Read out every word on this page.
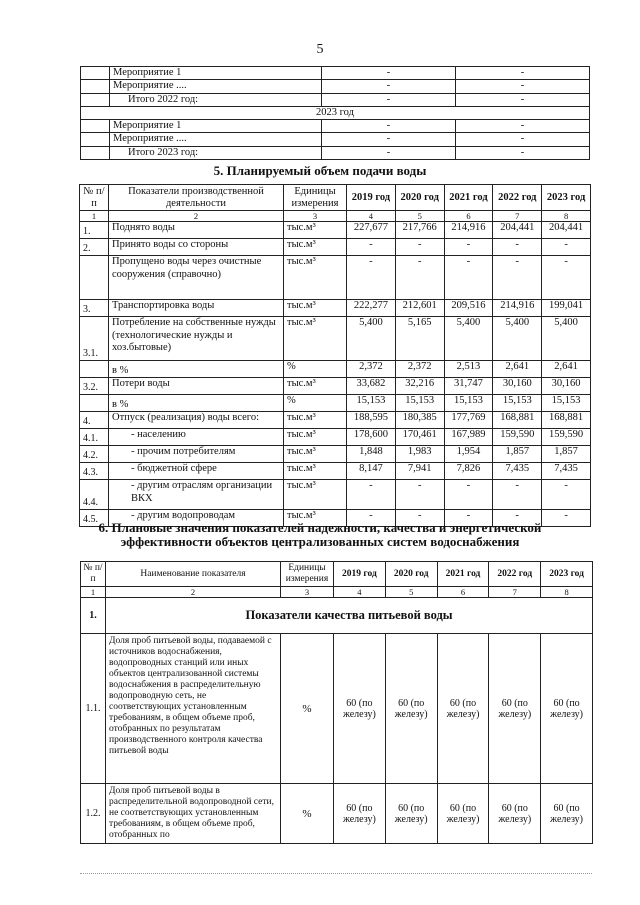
5
	Мероприятие 1	-	-
	Мероприятие ....	-	-
	Итого 2022 год:	-	-
2023 год			
	Мероприятие 1	-	-
	Мероприятие ....	-	-
	Итого 2023 год:	-	-
5. Планируемый объем подачи воды
№ п/п	Показатели производственной деятельности	Единицы измерения	2019 год	2020 год	2021 год	2022 год	2023 год
1	2	3	4	5	6	7	8
1.	Поднято воды	тыс.м³	227,677	217,766	214,916	204,441	204,441
2.	Принято воды со стороны	тыс.м³	-	-	-	-	-
	Пропущено воды через очистные сооружения (справочно)	тыс.м³	-	-	-	-	-
3.	Транспортировка воды	тыс.м³	222,277	212,601	209,516	214,916	199,041
3.1.	Потребление на собственные нужды (технологические нужды и хоз.бытовые)	тыс.м³	5,400	5,165	5,400	5,400	5,400
	в %	%	2,372	2,372	2,513	2,641	2,641
3.2.	Потери воды	тыс.м³	33,682	32,216	31,747	30,160	30,160
	в %	%	15,153	15,153	15,153	15,153	15,153
4.	Отпуск (реализация) воды всего:	тыс.м³	188,595	180,385	177,769	168,881	168,881
4.1.	- населению	тыс.м³	178,600	170,461	167,989	159,590	159,590
4.2.	- прочим потребителям	тыс.м³	1,848	1,983	1,954	1,857	1,857
4.3.	- бюджетной сфере	тыс.м³	8,147	7,941	7,826	7,435	7,435
4.4.	- другим отраслям организации ВКХ	тыс.м³	-	-	-	-	-
4.5.	- другим водопроводам	тыс.м³	-	-	-	-	-
6. Плановые значения показателей надежности, качества и энергетической
эффективности объектов централизованных систем водоснабжения
№ п/п	Наименование показателя	Единицы измерения	2019 год	2020 год	2021 год	2022 год	2023 год
1	2	3	4	5	6	7	8
1.	Показатели качества питьевой воды						
1.1.	Доля проб питьевой воды, подаваемой с источников водоснабжения, водопроводных станций или иных объектов централизованной системы водоснабжения в распределительную водопроводную сеть, не соответствующих установленным требованиям, в общем объеме проб, отобранных по результатам производственного контроля качества питьевой воды	%	60 (по железу)	60 (по железу)	60 (по железу)	60 (по железу)	60 (по железу)
1.2.	Доля проб питьевой воды в распределительной водопроводной сети, не соответствующих установленным требованиям, в общем объеме проб, отобранных по	%	60 (по железу)	60 (по железу)	60 (по железу)	60 (по железу)	60 (по железу)
